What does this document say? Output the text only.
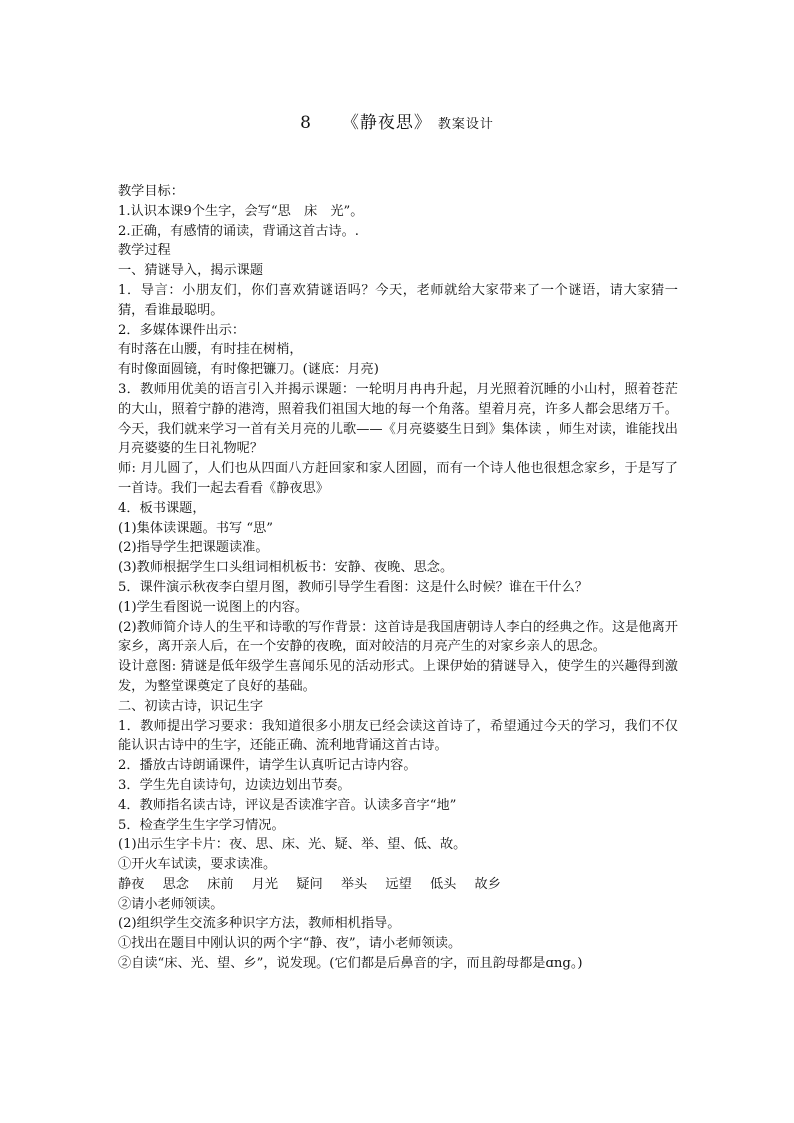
8 《静夜思》 教案设计

教学目标：

1.认识本课9个生字，会写“思　床　光”。

2.正确，有感情的诵读，背诵这首古诗。.

教学过程

一、猜谜导入，揭示课题

1．导言：小朋友们，你们喜欢猜谜语吗？今天，老师就给大家带来了一个谜语，请大家猜一猜，看谁最聪明。

2．多媒体课件出示：

有时落在山腰，有时挂在树梢，

有时像面圆镜，有时像把镰刀。(谜底：月亮)

3．教师用优美的语言引入并揭示课题：一轮明月冉冉升起，月光照着沉睡的小山村，照着苍茫的大山，照着宁静的港湾，照着我们祖国大地的每一个角落。望着月亮，许多人都会思绪万千。今天，我们就来学习一首有关月亮的儿歌——《月亮婆婆生日到》集体读 ，师生对读，谁能找出月亮婆婆的生日礼物呢？

师: 月儿圆了，人们也从四面八方赶回家和家人团圆，而有一个诗人他也很想念家乡，于是写了一首诗。我们一起去看看《静夜思》

4．板书课题，

(1)集体读课题。书写 “思”

(2)指导学生把课题读准。

(3)教师根据学生口头组词相机板书：安静、夜晚、思念。

5．课件演示秋夜李白望月图，教师引导学生看图：这是什么时候？谁在干什么？

(1)学生看图说一说图上的内容。

(2)教师简介诗人的生平和诗歌的写作背景：这首诗是我国唐朝诗人李白的经典之作。这是他离开家乡，离开亲人后，在一个安静的夜晚，面对皎洁的月亮产生的对家乡亲人的思念。

设计意图: 猜谜是低年级学生喜闻乐见的活动形式。上课伊始的猜谜导入，使学生的兴趣得到激发，为整堂课奠定了良好的基础。

二、初读古诗，识记生字

1．教师提出学习要求：我知道很多小朋友已经会读这首诗了，希望通过今天的学习，我们不仅能认识古诗中的生字，还能正确、流利地背诵这首古诗。

2．播放古诗朗诵课件，请学生认真听记古诗内容。

3．学生先自读诗句，边读边划出节奏。

4．教师指名读古诗，评议是否读准字音。认读多音字“地”

5．检查学生生字学习情况。

(1)出示生字卡片：夜、思、床、光、疑、举、望、低、故。

①开火车试读，要求读准。

静夜 思念 床前 月光 疑问 举头 远望 低头 故乡

②请小老师领读。

(2)组织学生交流多种识字方法，教师相机指导。

①找出在题目中刚认识的两个字“静、夜”，请小老师领读。

②自读“床、光、望、乡”，说发现。(它们都是后鼻音的字，而且韵母都是ɑng。)
